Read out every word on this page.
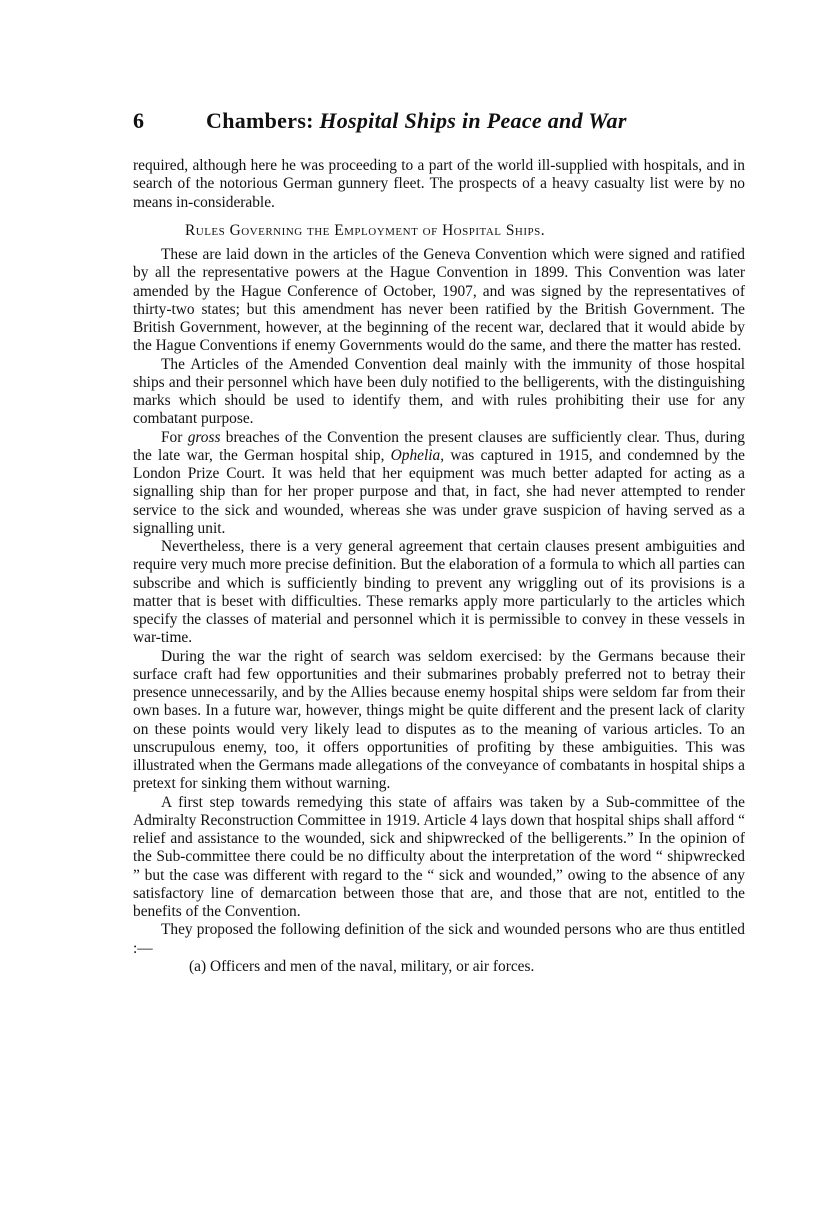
6	Chambers: Hospital Ships in Peace and War

required, although here he was proceeding to a part of the world ill-supplied with hospitals, and in search of the notorious German gunnery fleet. The prospects of a heavy casualty list were by no means in-considerable.

Rules Governing the Employment of Hospital Ships.

These are laid down in the articles of the Geneva Convention which were signed and ratified by all the representative powers at the Hague Convention in 1899. This Convention was later amended by the Hague Conference of October, 1907, and was signed by the representatives of thirty-two states; but this amendment has never been ratified by the British Government. The British Government, however, at the beginning of the recent war, declared that it would abide by the Hague Conventions if enemy Governments would do the same, and there the matter has rested.

The Articles of the Amended Convention deal mainly with the immunity of those hospital ships and their personnel which have been duly notified to the belligerents, with the distinguishing marks which should be used to identify them, and with rules prohibiting their use for any combatant purpose.

For gross breaches of the Convention the present clauses are sufficiently clear. Thus, during the late war, the German hospital ship, Ophelia, was captured in 1915, and condemned by the London Prize Court. It was held that her equipment was much better adapted for acting as a signalling ship than for her proper purpose and that, in fact, she had never attempted to render service to the sick and wounded, whereas she was under grave suspicion of having served as a signalling unit.

Nevertheless, there is a very general agreement that certain clauses present ambiguities and require very much more precise definition. But the elaboration of a formula to which all parties can subscribe and which is sufficiently binding to prevent any wriggling out of its provisions is a matter that is beset with difficulties. These remarks apply more particularly to the articles which specify the classes of material and personnel which it is permissible to convey in these vessels in war-time.

During the war the right of search was seldom exercised: by the Germans because their surface craft had few opportunities and their submarines probably preferred not to betray their presence unnecessarily, and by the Allies because enemy hospital ships were seldom far from their own bases. In a future war, however, things might be quite different and the present lack of clarity on these points would very likely lead to disputes as to the meaning of various articles. To an unscrupulous enemy, too, it offers opportunities of profiting by these ambiguities. This was illustrated when the Germans made allegations of the conveyance of combatants in hospital ships a pretext for sinking them without warning.

A first step towards remedying this state of affairs was taken by a Sub-committee of the Admiralty Reconstruction Committee in 1919. Article 4 lays down that hospital ships shall afford “ relief and assistance to the wounded, sick and shipwrecked of the belligerents.” In the opinion of the Sub-committee there could be no difficulty about the interpretation of the word “ shipwrecked ” but the case was different with regard to the “ sick and wounded,” owing to the absence of any satisfactory line of demarcation between those that are, and those that are not, entitled to the benefits of the Convention.

They proposed the following definition of the sick and wounded persons who are thus entitled :—

(a) Officers and men of the naval, military, or air forces.
